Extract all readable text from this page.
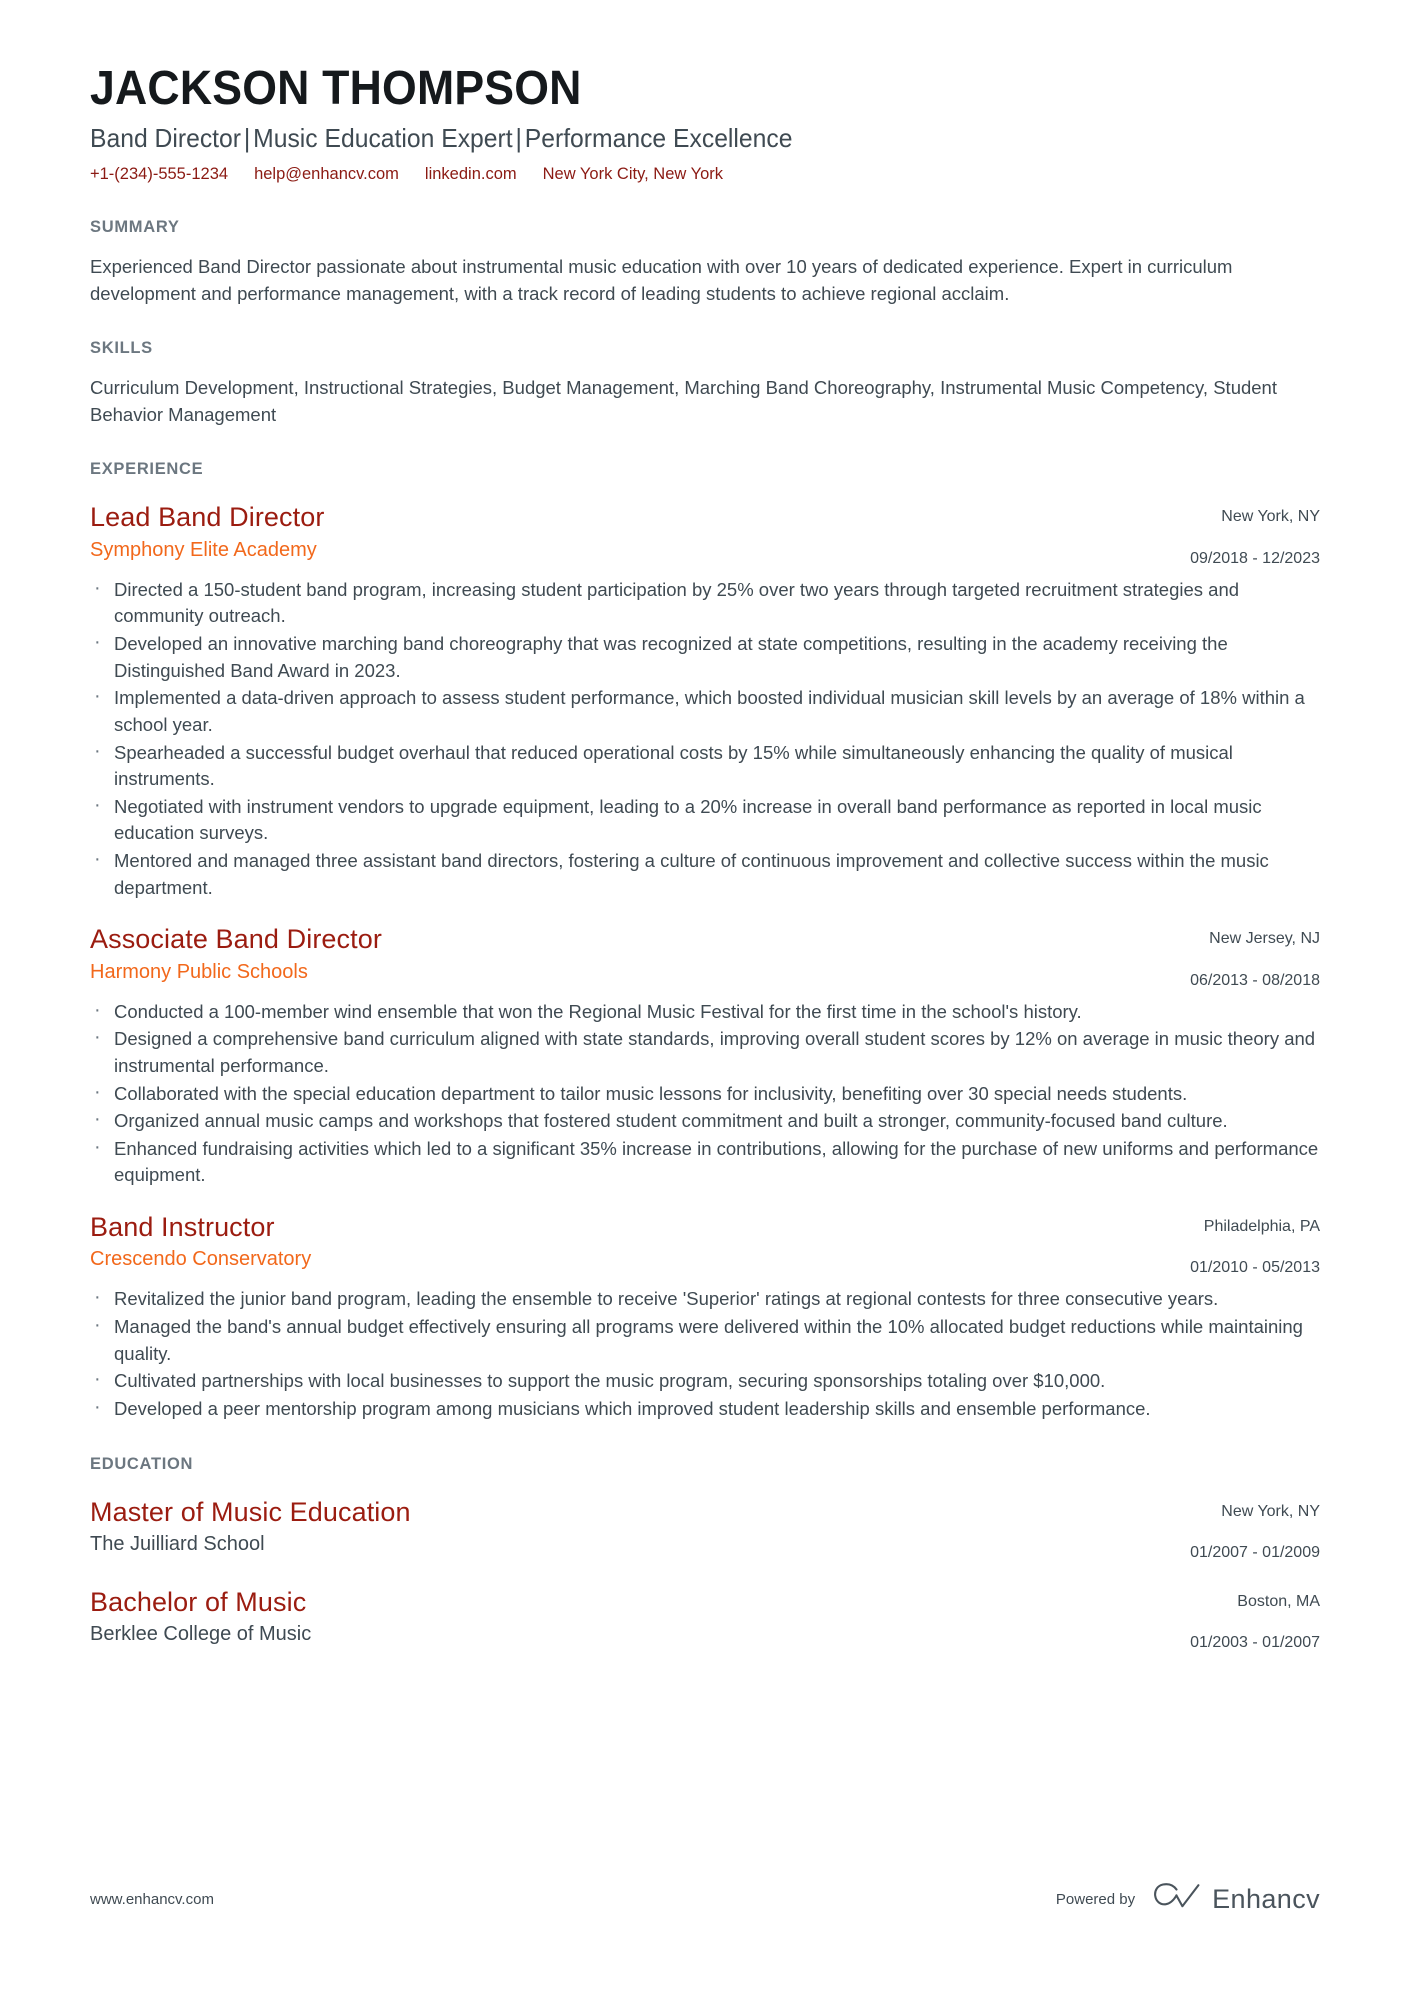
JACKSON THOMPSON
Band Director | Music Education Expert | Performance Excellence
+1-(234)-555-1234 help@enhancv.com linkedin.com New York City, New York
SUMMARY

Experienced Band Director passionate about instrumental music education with over 10 years of dedicated experience. Expert in curriculum development and performance management, with a track record of leading students to achieve regional acclaim.

SKILLS

Curriculum Development, Instructional Strategies, Budget Management, Marching Band Choreography, Instrumental Music Competency, Student Behavior Management

EXPERIENCE
Lead Band Director
Symphony Elite Academy
New York, NY
09/2018 - 12/2023
· Directed a 150-student band program, increasing student participation by 25% over two years through targeted recruitment strategies and community outreach.
· Developed an innovative marching band choreography that was recognized at state competitions, resulting in the academy receiving the Distinguished Band Award in 2023.
· Implemented a data-driven approach to assess student performance, which boosted individual musician skill levels by an average of 18% within a school year.
· Spearheaded a successful budget overhaul that reduced operational costs by 15% while simultaneously enhancing the quality of musical instruments.
· Negotiated with instrument vendors to upgrade equipment, leading to a 20% increase in overall band performance as reported in local music education surveys.
· Mentored and managed three assistant band directors, fostering a culture of continuous improvement and collective success within the music department.
Associate Band Director
Harmony Public Schools
New Jersey, NJ
06/2013 - 08/2018
· Conducted a 100-member wind ensemble that won the Regional Music Festival for the first time in the school's history.
· Designed a comprehensive band curriculum aligned with state standards, improving overall student scores by 12% on average in music theory and instrumental performance.
· Collaborated with the special education department to tailor music lessons for inclusivity, benefiting over 30 special needs students.
· Organized annual music camps and workshops that fostered student commitment and built a stronger, community-focused band culture.
· Enhanced fundraising activities which led to a significant 35% increase in contributions, allowing for the purchase of new uniforms and performance equipment.
Band Instructor
Crescendo Conservatory
Philadelphia, PA
01/2010 - 05/2013
· Revitalized the junior band program, leading the ensemble to receive 'Superior' ratings at regional contests for three consecutive years.
· Managed the band's annual budget effectively ensuring all programs were delivered within the 10% allocated budget reductions while maintaining quality.
· Cultivated partnerships with local businesses to support the music program, securing sponsorships totaling over $10,000.
· Developed a peer mentorship program among musicians which improved student leadership skills and ensemble performance.
EDUCATION
Master of Music Education
The Juilliard School
New York, NY
01/2007 - 01/2009
Bachelor of Music
Berklee College of Music
Boston, MA
01/2003 - 01/2007
www.enhancv.com	Powered by	Enhancv
